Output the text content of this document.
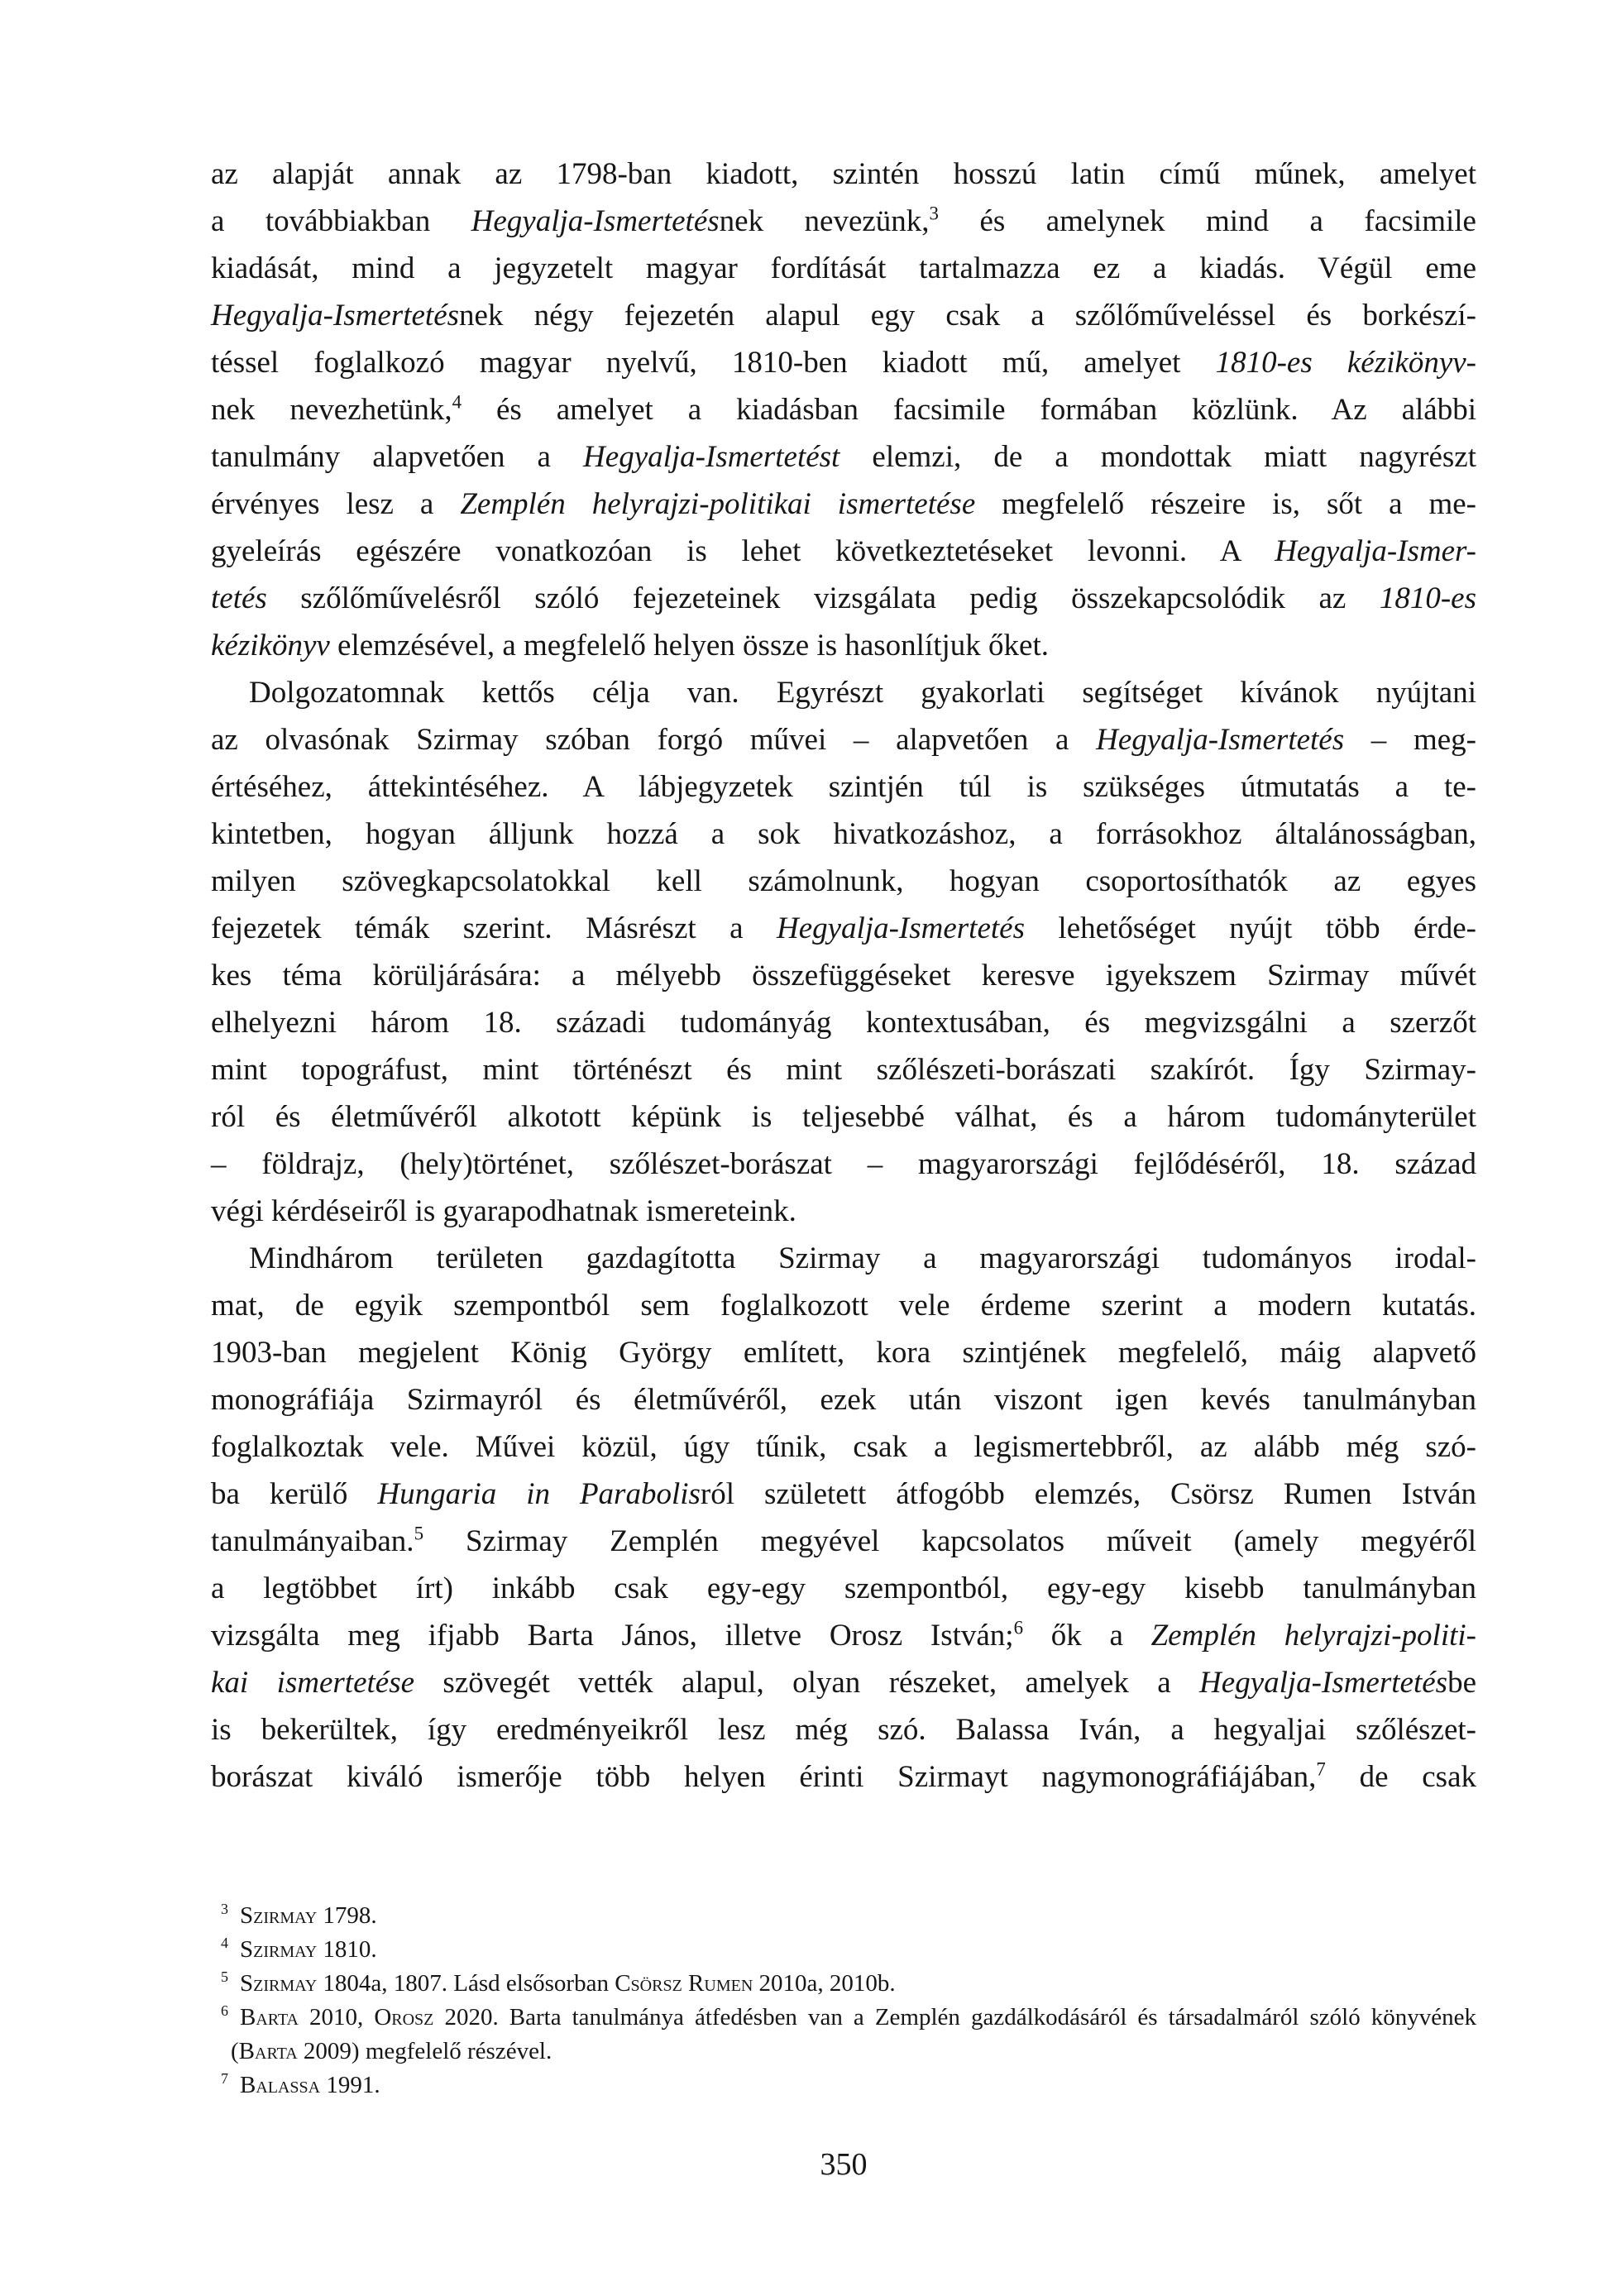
az alapját annak az 1798-ban kiadott, szintén hosszú latin című műnek, amelyet
a továbbiakban Hegyalja-Ismertetésnek nevezünk,$^3$ és amelynek mind a facsimile
kiadását, mind a jegyzetelt magyar fordítását tartalmazza ez a kiadás. Végül eme
Hegyalja-Ismertetésnek négy fejezetén alapul egy csak a szőlőműveléssel és borkészí-
téssel foglalkozó magyar nyelvű, 1810-ben kiadott mű, amelyet 1810-es kézikönyv-
nek nevezhetünk,$^4$ és amelyet a kiadásban facsimile formában közlünk. Az alábbi
tanulmány alapvetően a Hegyalja-Ismertetést elemzi, de a mondottak miatt nagyrészt
érvényes lesz a Zemplén helyrajzi-politikai ismertetése megfelelő részeire is, sőt a me-
gyeleírás egészére vonatkozóan is lehet következtetéseket levonni. A Hegyalja-Ismer-
tetés szőlőművelésről szóló fejezeteinek vizsgálata pedig összekapcsolódik az 1810-es
kézikönyv elemzésével, a megfelelő helyen össze is hasonlítjuk őket.
Dolgozatomnak kettős célja van. Egyrészt gyakorlati segítséget kívánok nyújtani
az olvasónak Szirmay szóban forgó művei – alapvetően a Hegyalja-Ismertetés – meg-
értéséhez, áttekintéséhez. A lábjegyzetek szintjén túl is szükséges útmutatás a te-
kintetben, hogyan álljunk hozzá a sok hivatkozáshoz, a forrásokhoz általánosságban,
milyen szövegkapcsolatokkal kell számolnunk, hogyan csoportosíthatók az egyes
fejezetek témák szerint. Másrészt a Hegyalja-Ismertetés lehetőséget nyújt több érde-
kes téma körüljárására: a mélyebb összefüggéseket keresve igyekszem Szirmay művét
elhelyezni három 18. századi tudományág kontextusában, és megvizsgálni a szerzőt
mint topográfust, mint történészt és mint szőlészeti-borászati szakírót. Így Szirmay-
ról és életművéről alkotott képünk is teljesebbé válhat, és a három tudományterület
– földrajz, (hely)történet, szőlészet-borászat – magyarországi fejlődéséről, 18. század
végi kérdéseiről is gyarapodhatnak ismereteink.
Mindhárom területen gazdagította Szirmay a magyarországi tudományos irodal-
mat, de egyik szempontból sem foglalkozott vele érdeme szerint a modern kutatás.
1903-ban megjelent König György említett, kora szintjének megfelelő, máig alapvető
monográfiája Szirmayról és életművéről, ezek után viszont igen kevés tanulmányban
foglalkoztak vele. Művei közül, úgy tűnik, csak a legismertebbről, az alább még szó-
ba kerülő Hungaria in Parabolisról született átfogóbb elemzés, Csörsz Rumen István
tanulmányaiban.$^5$ Szirmay Zemplén megyével kapcsolatos műveit (amely megyéről
a legtöbbet írt) inkább csak egy-egy szempontból, egy-egy kisebb tanulmányban
vizsgálta meg ifjabb Barta János, illetve Orosz István;$^6$ ők a Zemplén helyrajzi-politi-
kai ismertetése szövegét vették alapul, olyan részeket, amelyek a Hegyalja-Ismertetésbe
is bekerültek, így eredményeikről lesz még szó. Balassa Iván, a hegyaljai szőlészet-
borászat kiváló ismerője több helyen érinti Szirmayt nagymonográfiájában,$^7$ de csak
$^3$ Szirmay 1798.
$^4$ Szirmay 1810.
$^5$ Szirmay 1804a, 1807. Lásd elsősorban Csörsz Rumen 2010a, 2010b.
$^6$ Barta 2010, Orosz 2020. Barta tanulmánya átfedésben van a Zemplén gazdálkodásáról és társadalmáról szóló könyvének (Barta 2009) megfelelő részével.
$^7$ Balassa 1991.
350
